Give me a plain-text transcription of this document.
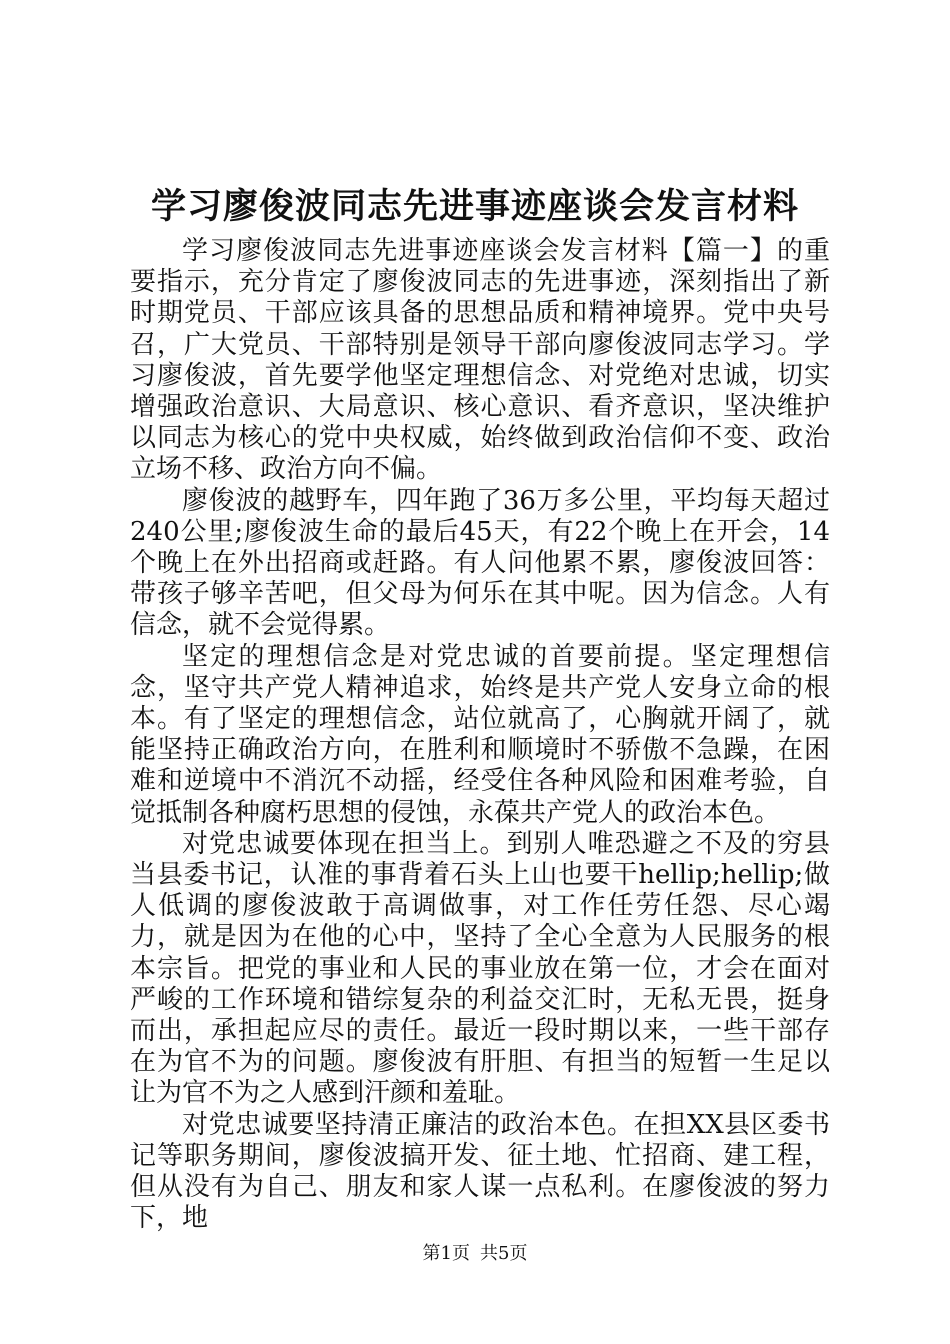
学习廖俊波同志先进事迹座谈会发言材料

学习廖俊波同志先进事迹座谈会发言材料【篇一】的重要指示，充分肯定了廖俊波同志的先进事迹，深刻指出了新时期党员、干部应该具备的思想品质和精神境界。党中央号召，广大党员、干部特别是领导干部向廖俊波同志学习。学习廖俊波，首先要学他坚定理想信念、对党绝对忠诚，切实增强政治意识、大局意识、核心意识、看齐意识，坚决维护以同志为核心的党中央权威，始终做到政治信仰不变、政治立场不移、政治方向不偏。

廖俊波的越野车，四年跑了36万多公里，平均每天超过240公里;廖俊波生命的最后45天，有22个晚上在开会，14个晚上在外出招商或赶路。有人问他累不累，廖俊波回答：带孩子够辛苦吧，但父母为何乐在其中呢。因为信念。人有信念，就不会觉得累。

坚定的理想信念是对党忠诚的首要前提。坚定理想信念，坚守共产党人精神追求，始终是共产党人安身立命的根本。有了坚定的理想信念，站位就高了，心胸就开阔了，就能坚持正确政治方向，在胜利和顺境时不骄傲不急躁，在困难和逆境中不消沉不动摇，经受住各种风险和困难考验，自觉抵制各种腐朽思想的侵蚀，永葆共产党人的政治本色。

对党忠诚要体现在担当上。到别人唯恐避之不及的穷县当县委书记，认准的事背着石头上山也要干hellip;hellip;做人低调的廖俊波敢于高调做事，对工作任劳任怨、尽心竭力，就是因为在他的心中，坚持了全心全意为人民服务的根本宗旨。把党的事业和人民的事业放在第一位，才会在面对严峻的工作环境和错综复杂的利益交汇时，无私无畏，挺身而出，承担起应尽的责任。最近一段时期以来，一些干部存在为官不为的问题。廖俊波有肝胆、有担当的短暂一生足以让为官不为之人感到汗颜和羞耻。

对党忠诚要坚持清正廉洁的政治本色。在担XX县区委书记等职务期间，廖俊波搞开发、征土地、忙招商、建工程，但从没有为自己、朋友和家人谋一点私利。在廖俊波的努力下，地

第1页 共5页
